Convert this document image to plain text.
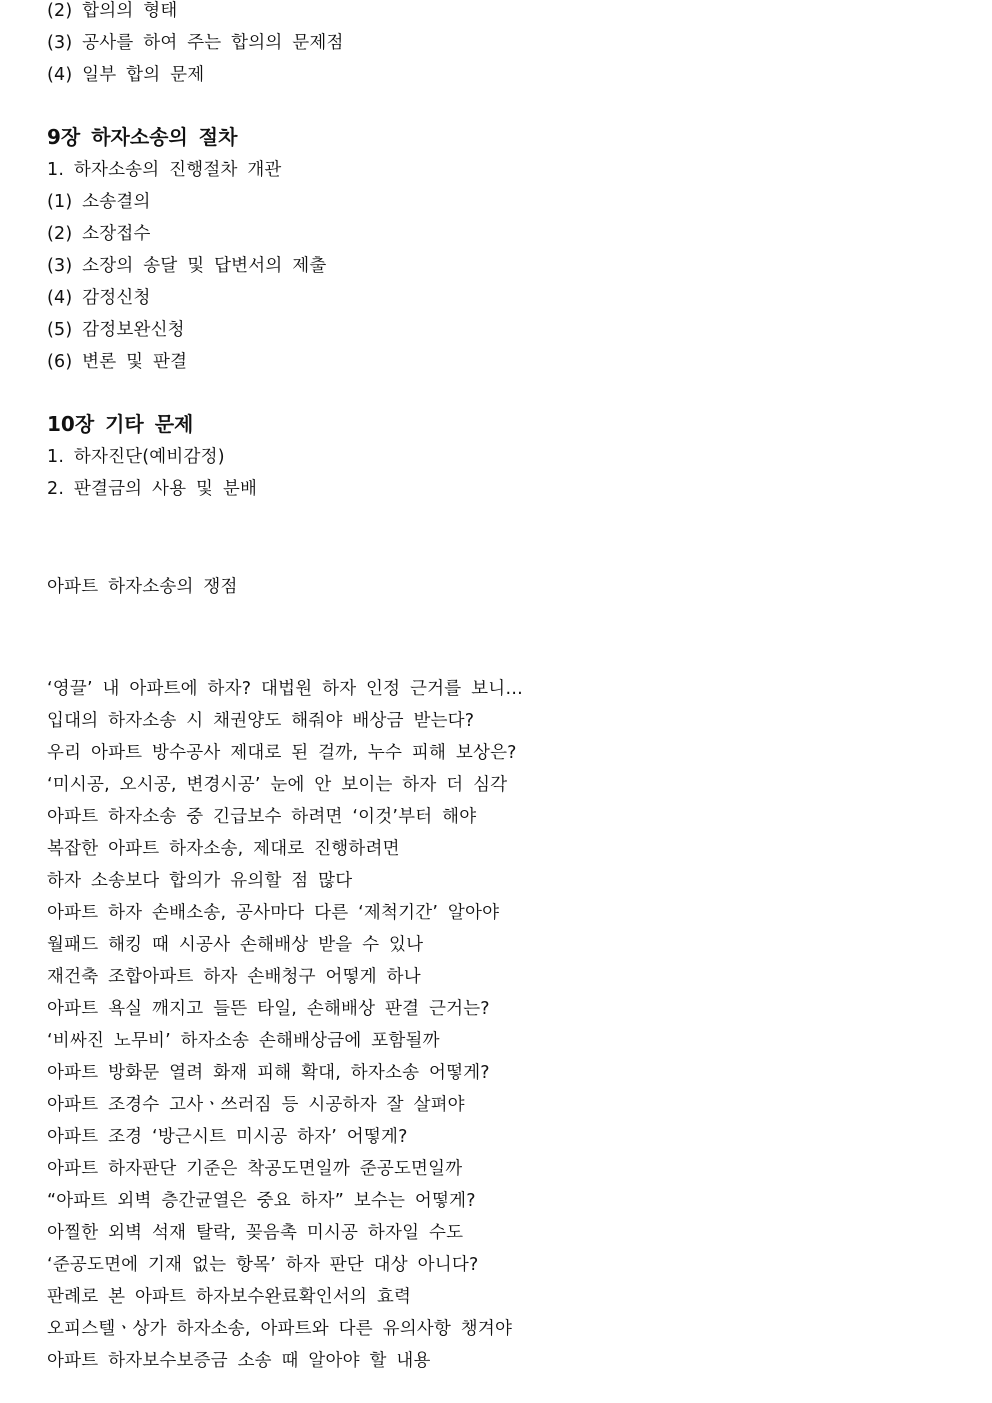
(2) 합의의 형태
(3) 공사를 하여 주는 합의의 문제점
(4) 일부 합의 문제
9장 하자소송의 절차
1. 하자소송의 진행절차 개관
(1) 소송결의
(2) 소장접수
(3) 소장의 송달 및 답변서의 제출
(4) 감정신청
(5) 감정보완신청
(6) 변론 및 판결
10장 기타 문제
1. 하자진단(예비감정)
2. 판결금의 사용 및 분배
아파트 하자소송의 쟁점
‘영끌’ 내 아파트에 하자? 대법원 하자 인정 근거를 보니…
입대의 하자소송 시 채권양도 해줘야 배상금 받는다?
우리 아파트 방수공사 제대로 된 걸까, 누수 피해 보상은?
‘미시공, 오시공, 변경시공’ 눈에 안 보이는 하자 더 심각
아파트 하자소송 중 긴급보수 하려면 ‘이것’부터 해야
복잡한 아파트 하자소송, 제대로 진행하려면
하자 소송보다 합의가 유의할 점 많다
아파트 하자 손배소송, 공사마다 다른 ‘제척기간’ 알아야
월패드 해킹 때 시공사 손해배상 받을 수 있나
재건축 조합아파트 하자 손배청구 어떻게 하나
아파트 욕실 깨지고 들뜬 타일, 손해배상 판결 근거는?
‘비싸진 노무비’ 하자소송 손해배상금에 포함될까
아파트 방화문 열려 화재 피해 확대, 하자소송 어떻게?
아파트 조경수 고사ㆍ쓰러짐 등 시공하자 잘 살펴야
아파트 조경 ‘방근시트 미시공 하자’ 어떻게?
아파트 하자판단 기준은 착공도면일까 준공도면일까
“아파트 외벽 층간균열은 중요 하자” 보수는 어떻게?
아찔한 외벽 석재 탈락, 꽂음촉 미시공 하자일 수도
‘준공도면에 기재 없는 항목’ 하자 판단 대상 아니다?
판례로 본 아파트 하자보수완료확인서의 효력
오피스텔ㆍ상가 하자소송, 아파트와 다른 유의사항 챙겨야
아파트 하자보수보증금 소송 때 알아야 할 내용
